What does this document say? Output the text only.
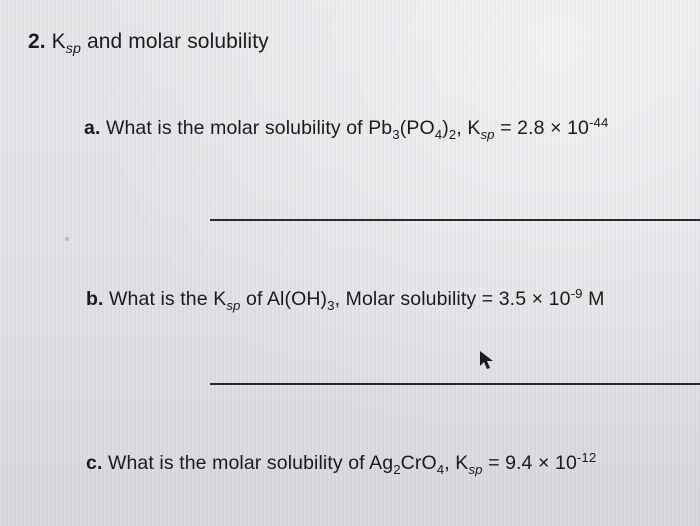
2. $K_{sp}$ and molar solubility
a. What is the molar solubility of $Pb_3(PO_4)_2$, $K_{sp} = 2.8 \times 10^{-44}$
b. What is the $K_{sp}$ of $Al(OH)_3$, Molar solubility = $3.5 \times 10^{-9}$ M
c. What is the molar solubility of $Ag_2CrO_4$, $K_{sp} = 9.4 \times 10^{-12}$
